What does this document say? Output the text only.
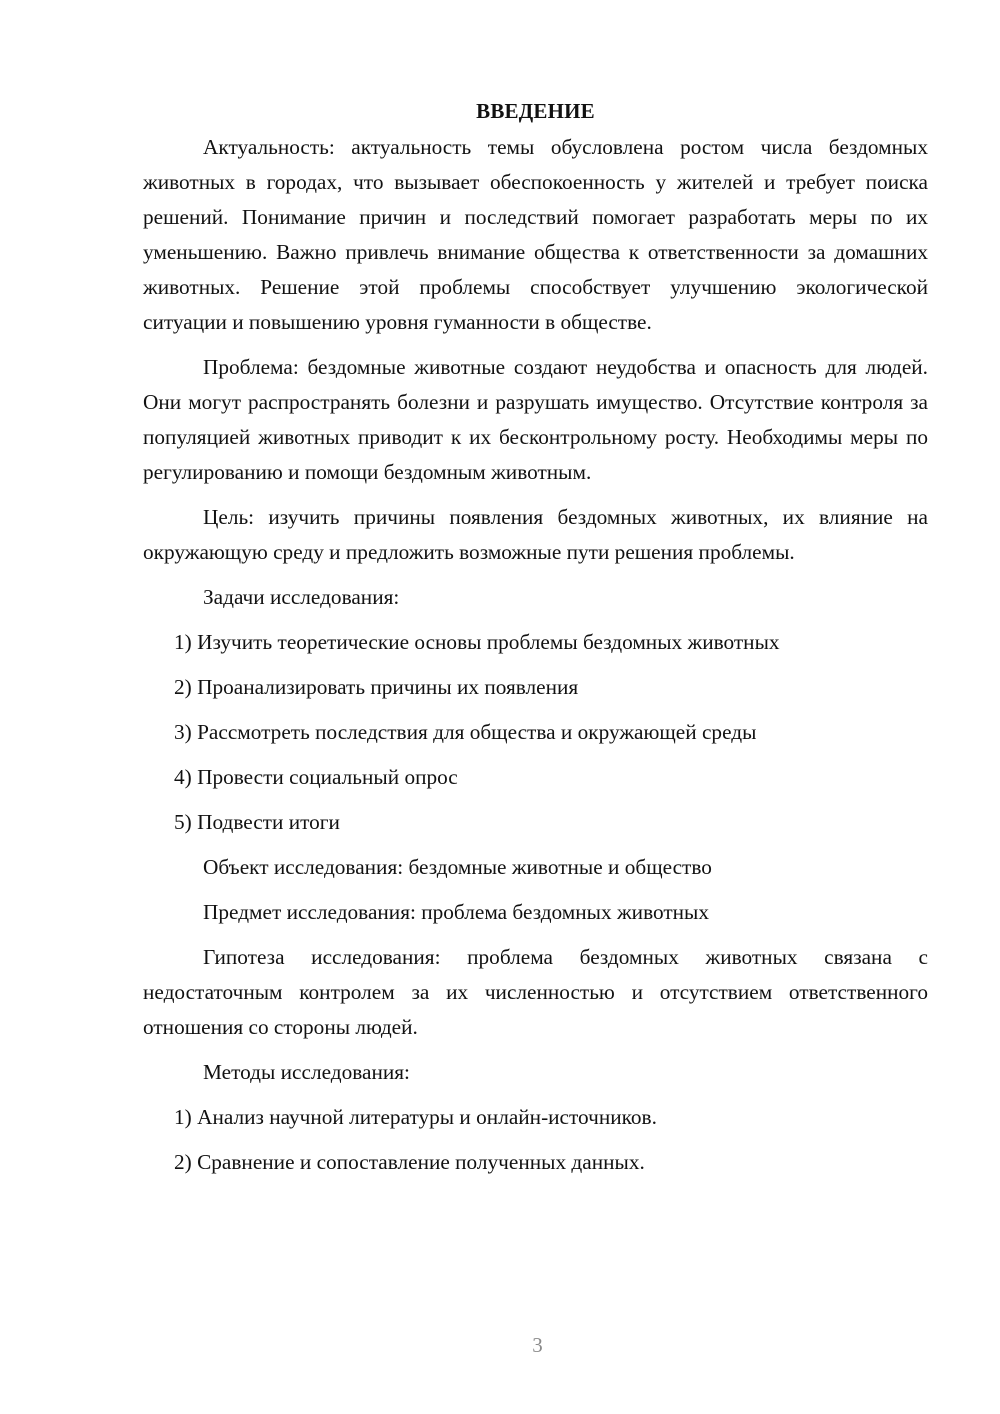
ВВЕДЕНИЕ

Актуальность: актуальность темы обусловлена ростом числа бездомных животных в городах, что вызывает обеспокоенность у жителей и требует поиска решений. Понимание причин и последствий помогает разработать меры по их уменьшению. Важно привлечь внимание общества к ответственности за домашних животных. Решение этой проблемы способствует улучшению экологической ситуации и повышению уровня гуманности в обществе.

Проблема: бездомные животные создают неудобства и опасность для людей. Они могут распространять болезни и разрушать имущество. Отсутствие контроля за популяцией животных приводит к их бесконтрольному росту. Необходимы меры по регулированию и помощи бездомным животным.

Цель: изучить причины появления бездомных животных, их влияние на окружающую среду и предложить возможные пути решения проблемы.

Задачи исследования:

1) Изучить теоретические основы проблемы бездомных животных

2) Проанализировать причины их появления

3) Рассмотреть последствия для общества и окружающей среды

4) Провести социальный опрос

5) Подвести итоги

Объект исследования: бездомные животные и общество

Предмет исследования: проблема бездомных животных

Гипотеза исследования: проблема бездомных животных связана с недостаточным контролем за их численностью и отсутствием ответственного отношения со стороны людей.

Методы исследования:

1) Анализ научной литературы и онлайн-источников.

2) Сравнение и сопоставление полученных данных.

3
